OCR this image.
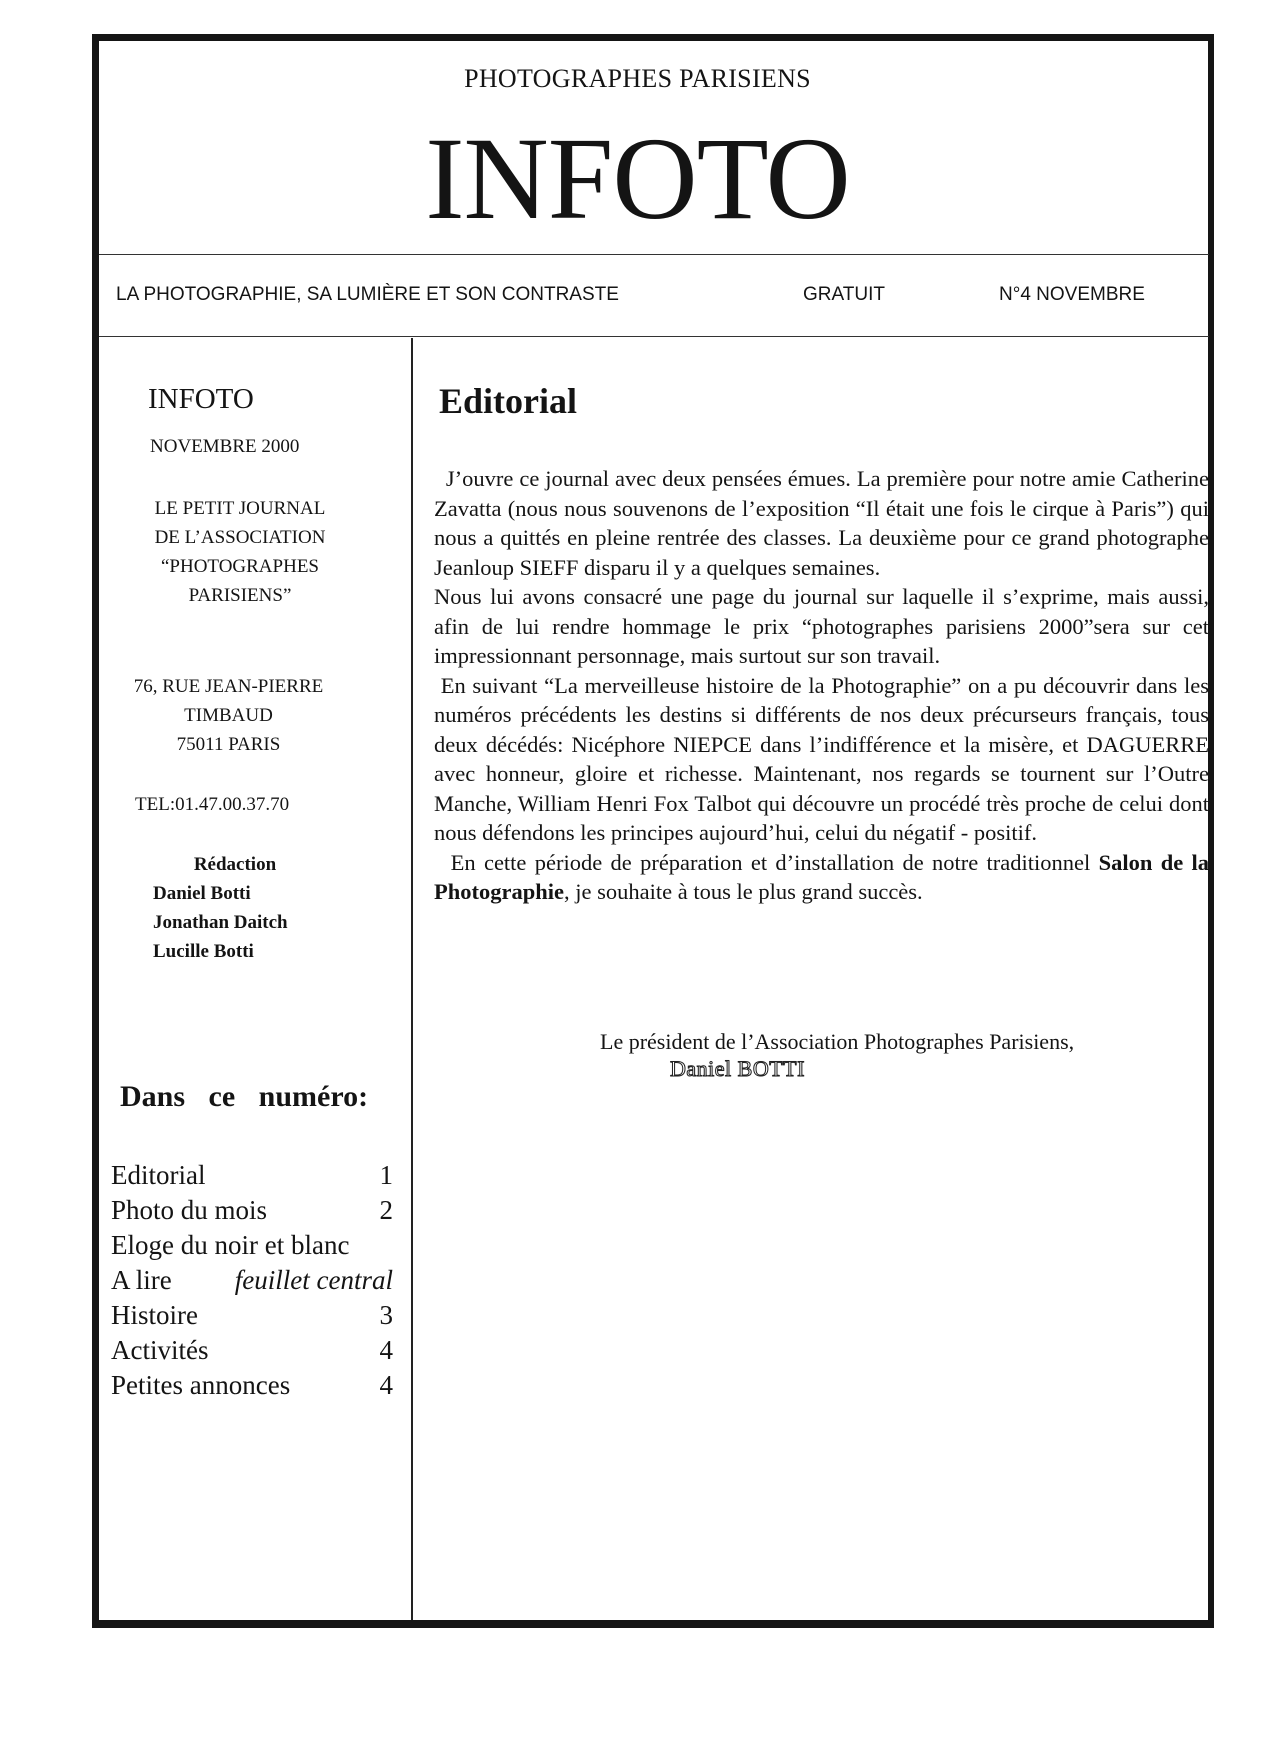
PHOTOGRAPHES PARISIENS
INFOTO
LA PHOTOGRAPHIE, SA LUMIÈRE ET SON CONTRASTE	GRATUIT	N°4 NOVEMBRE
INFOTO
NOVEMBRE 2000
LE PETIT JOURNAL
DE L’ASSOCIATION
“PHOTOGRAPHES
PARISIENS”
76, RUE JEAN-PIERRE
TIMBAUD
75011 PARIS
TEL:01.47.00.37.70
Rédaction
Daniel Botti
Jonathan Daitch
Lucille Botti
Dans ce numéro:
Editorial	1
Photo du mois	2
Eloge du noir et blanc
A lire feuillet central
Histoire	3
Activités	4
Petites annonces	4
Editorial

J’ouvre ce journal avec deux pensées émues. La première pour notre amie Catherine Zavatta (nous nous souvenons de l’exposition “Il était une fois le cirque à Paris”) qui nous a quittés en pleine rentrée des classes. La deuxième pour ce grand photographe Jeanloup SIEFF disparu il y a quelques semaines.

Nous lui avons consacré une page du journal sur laquelle il s’exprime, mais aussi, afin de lui rendre hommage le prix “photographes parisiens 2000”sera sur cet impressionnant personnage, mais surtout sur son travail.

En suivant “La merveilleuse histoire de la Photographie” on a pu découvrir dans les numéros précédents les destins si différents de nos deux précurseurs français, tous deux décédés: Nicéphore NIEPCE dans l’indifférence et la misère, et DAGUERRE avec honneur, gloire et richesse. Maintenant, nos regards se tournent sur l’Outre Manche, William Henri Fox Talbot qui découvre un procédé très proche de celui dont nous défendons les principes aujourd’hui, celui du négatif - positif.

En cette période de préparation et d’installation de notre traditionnel Salon de la Photographie, je souhaite à tous le plus grand succès.

Le président de l’Association Photographes Parisiens,
Daniel BOTTI
